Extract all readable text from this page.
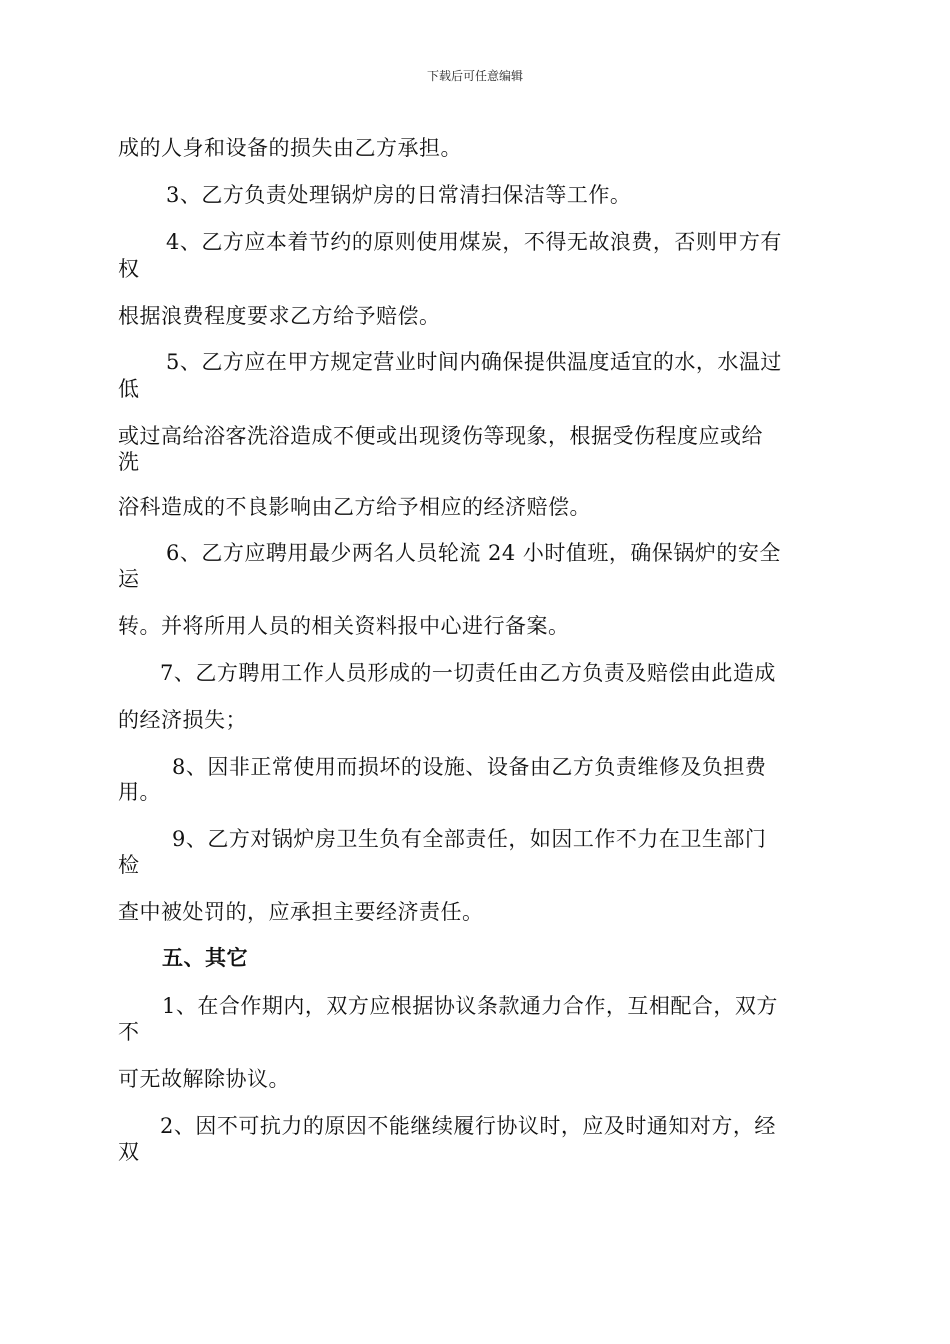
下载后可任意编辑
成的人身和设备的损失由乙方承担。
3、乙方负责处理锅炉房的日常清扫保洁等工作。
4、乙方应本着节约的原则使用煤炭，不得无故浪费，否则甲方有
权
根据浪费程度要求乙方给予赔偿。
5、乙方应在甲方规定营业时间内确保提供温度适宜的水，水温过
低
或过高给浴客洗浴造成不便或出现烫伤等现象，根据受伤程度应或给
洗
浴科造成的不良影响由乙方给予相应的经济赔偿。
6、乙方应聘用最少两名人员轮流 24 小时值班，确保锅炉的安全
运
转。并将所用人员的相关资料报中心进行备案。
7、乙方聘用工作人员形成的一切责任由乙方负责及赔偿由此造成
的经济损失；
8、因非正常使用而损坏的设施、设备由乙方负责维修及负担费
用。
9、乙方对锅炉房卫生负有全部责任，如因工作不力在卫生部门
检
查中被处罚的，应承担主要经济责任。
五、其它
1、在合作期内，双方应根据协议条款通力合作，互相配合，双方
不
可无故解除协议。
2、因不可抗力的原因不能继续履行协议时，应及时通知对方，经
双
